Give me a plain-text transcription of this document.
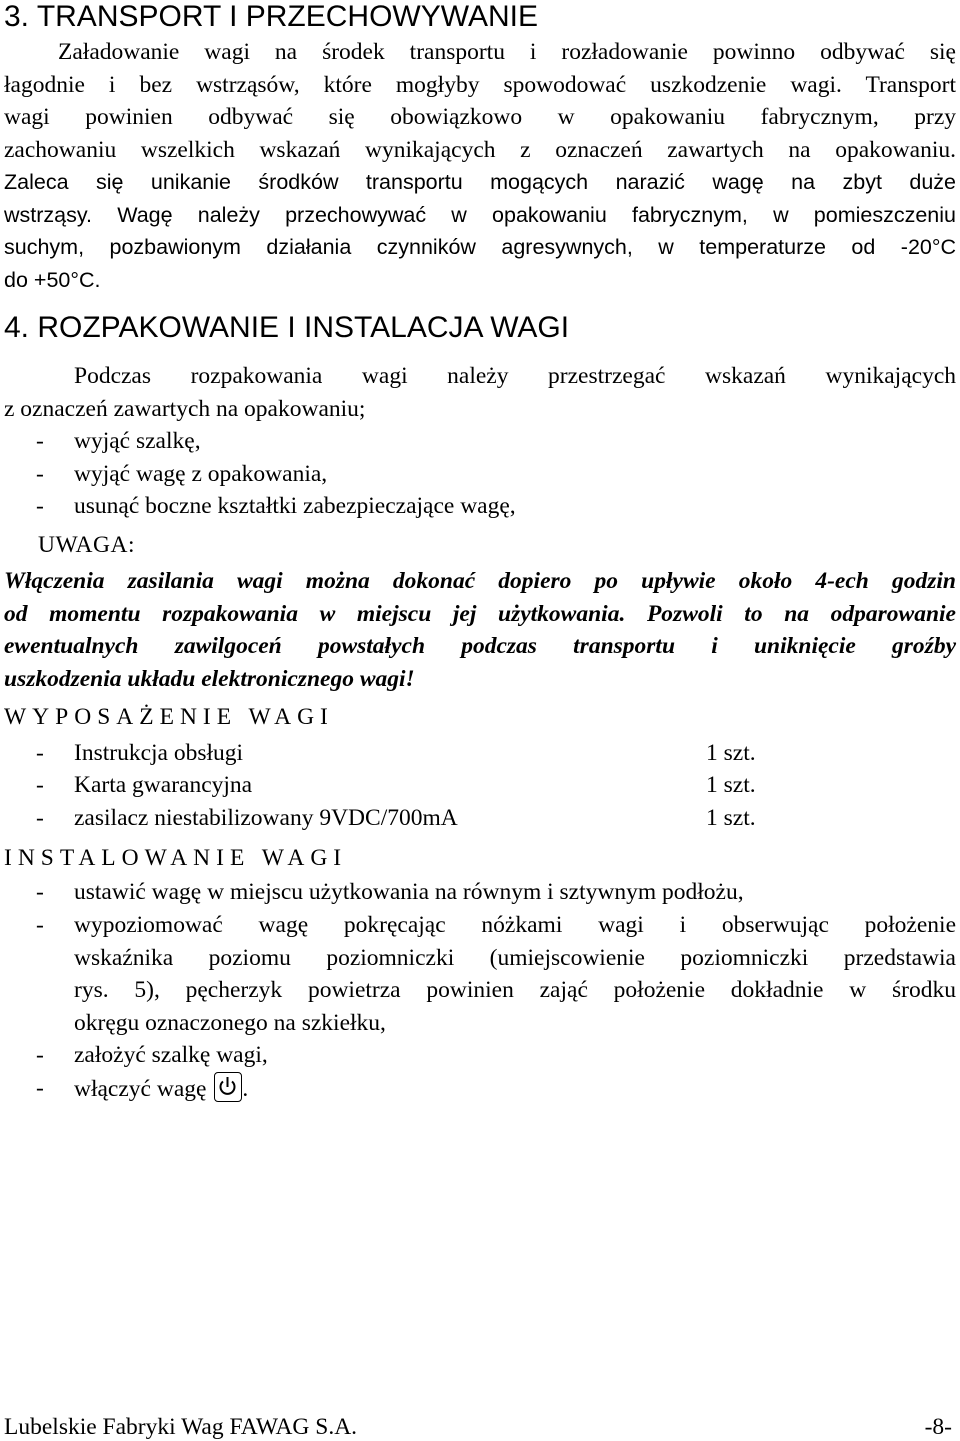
3. TRANSPORT I PRZECHOWYWANIE
Załadowanie wagi na środek transportu i rozładowanie powinno odbywać się
łagodnie i bez wstrząsów, które mogłyby spowodować uszkodzenie wagi. Transport
wagi powinien odbywać się obowiązkowo w opakowaniu fabrycznym, przy
zachowaniu wszelkich wskazań wynikających z oznaczeń zawartych na opakowaniu.
Zaleca się unikanie środków transportu mogących narazić wagę na zbyt duże
wstrząsy. Wagę należy przechowywać w opakowaniu fabrycznym, w pomieszczeniu
suchym, pozbawionym działania czynników agresywnych, w temperaturze od -20°C
do +50°C.
4. ROZPAKOWANIE I INSTALACJA WAGI
Podczas rozpakowania wagi należy przestrzegać wskazań wynikających
z oznaczeń zawartych na opakowaniu;
- wyjąć szalkę,
- wyjąć wagę z opakowania,
- usunąć boczne kształtki zabezpieczające wagę,
UWAGA:
Włączenia zasilania wagi można dokonać dopiero po upływie około 4-ech godzin
od momentu rozpakowania w miejscu jej użytkowania. Pozwoli to na odparowanie
ewentualnych zawilgoceń powstałych podczas transportu i uniknięcie groźby
uszkodzenia układu elektronicznego wagi!
WYPOSAŻENIE WAGI
- Instrukcja obsługi	1 szt.
- Karta gwarancyjna	1 szt.
- zasilacz niestabilizowany 9VDC/700mA	1 szt.
INSTALOWANIE WAGI
- ustawić wagę w miejscu użytkowania na równym i sztywnym podłożu,
- wypoziomować wagę pokręcając nóżkami wagi i obserwując położenie
wskaźnika poziomu poziomniczki (umiejscowienie poziomniczki przedstawia
rys. 5), pęcherzyk powietrza powinien zająć położenie dokładnie w środku
okręgu oznaczonego na szkiełku,
- założyć szalkę wagi,
- włączyć wagę .
Lubelskie Fabryki Wag FAWAG S.A.	-8-
